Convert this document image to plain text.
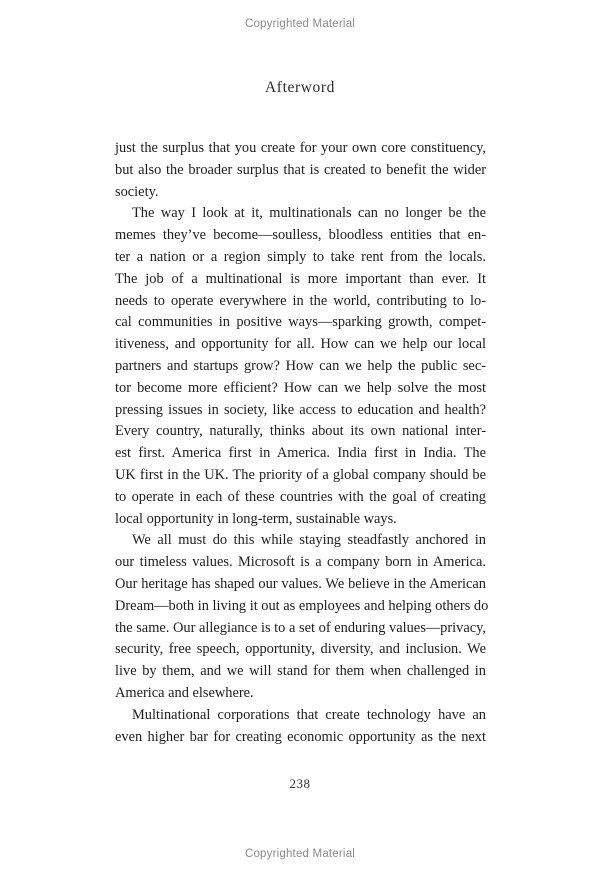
Copyrighted Material
Afterword
just the surplus that you create for your own core constituency,
but also the broader surplus that is created to benefit the wider
society.
The way I look at it, multinationals can no longer be the
memes they’ve become—soulless, bloodless entities that en-
ter a nation or a region simply to take rent from the locals.
The job of a multinational is more important than ever. It
needs to operate everywhere in the world, contributing to lo-
cal communities in positive ways—sparking growth, compet-
itiveness, and opportunity for all. How can we help our local
partners and startups grow? How can we help the public sec-
tor become more efficient? How can we help solve the most
pressing issues in society, like access to education and health?
Every country, naturally, thinks about its own national inter-
est first. America first in America. India first in India. The
UK first in the UK. The priority of a global company should be
to operate in each of these countries with the goal of creating
local opportunity in long-term, sustainable ways.
We all must do this while staying steadfastly anchored in
our timeless values. Microsoft is a company born in America.
Our heritage has shaped our values. We believe in the American
Dream—both in living it out as employees and helping others do
the same. Our allegiance is to a set of enduring values—privacy,
security, free speech, opportunity, diversity, and inclusion. We
live by them, and we will stand for them when challenged in
America and elsewhere.
Multinational corporations that create technology have an
even higher bar for creating economic opportunity as the next
238
Copyrighted Material
